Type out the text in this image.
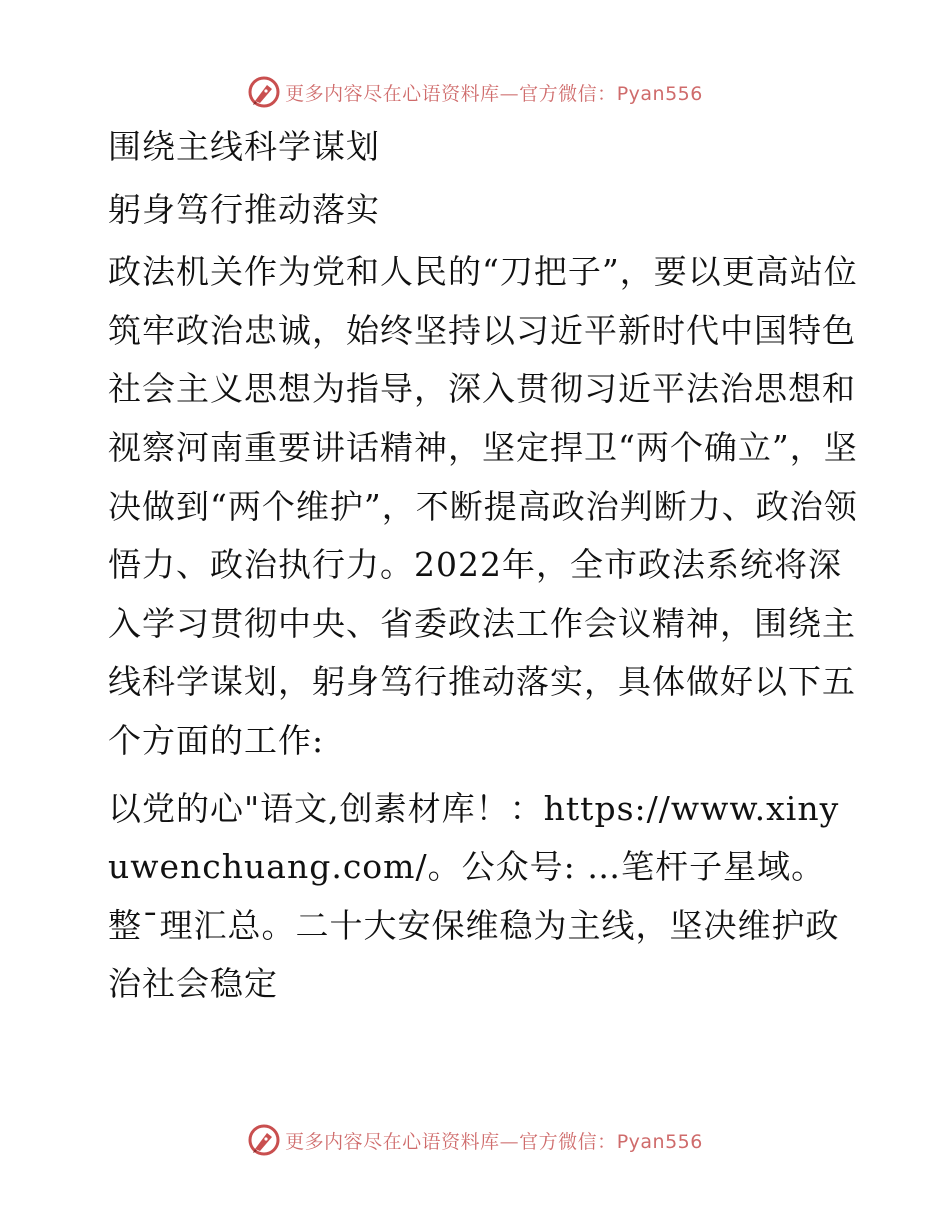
更多内容尽在心语资料库—官方微信：Pyan556

围绕主线科学谋划

躬身笃行推动落实

政法机关作为党和人民的“刀把子”，要以更高站位筑牢政治忠诚，始终坚持以习近平新时代中国特色社会主义思想为指导，深入贯彻习近平法治思想和视察河南重要讲话精神，坚定捍卫“两个确立”，坚决做到“两个维护”，不断提高政治判断力、政治领悟力、政治执行力。2022年，全市政法系统将深入学习贯彻中央、省委政法工作会议精神，围绕主线科学谋划，躬身笃行推动落实，具体做好以下五个方面的工作:

以党的心"语文,创素材库！：https://www.xinyuwenchuang.com/。公众号: …笔杆子星域。整¯理汇总。二十大安保维稳为主线，坚决维护政治社会稳定

更多内容尽在心语资料库—官方微信：Pyan556
